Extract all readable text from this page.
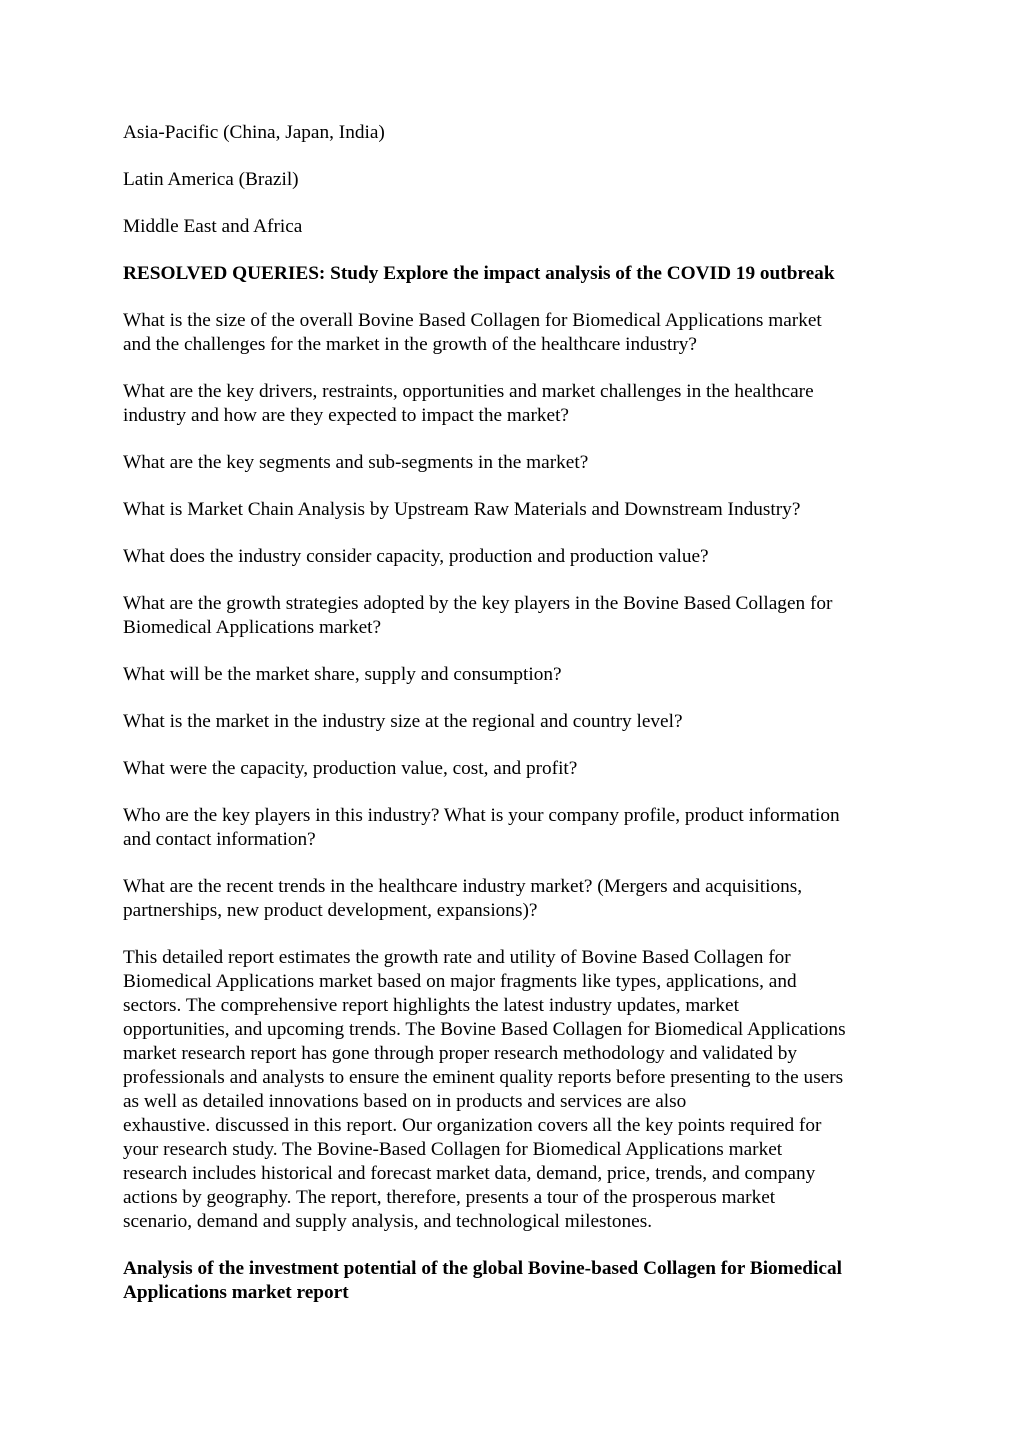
Asia-Pacific (China, Japan, India)

Latin America (Brazil)

Middle East and Africa

RESOLVED QUERIES: Study Explore the impact analysis of the COVID 19 outbreak

What is the size of the overall Bovine Based Collagen for Biomedical Applications market
and the challenges for the market in the growth of the healthcare industry?

What are the key drivers, restraints, opportunities and market challenges in the healthcare
industry and how are they expected to impact the market?

What are the key segments and sub-segments in the market?

What is Market Chain Analysis by Upstream Raw Materials and Downstream Industry?

What does the industry consider capacity, production and production value?

What are the growth strategies adopted by the key players in the Bovine Based Collagen for
Biomedical Applications market?

What will be the market share, supply and consumption?

What is the market in the industry size at the regional and country level?

What were the capacity, production value, cost, and profit?

Who are the key players in this industry? What is your company profile, product information
and contact information?

What are the recent trends in the healthcare industry market? (Mergers and acquisitions,
partnerships, new product development, expansions)?

This detailed report estimates the growth rate and utility of Bovine Based Collagen for
Biomedical Applications market based on major fragments like types, applications, and
sectors. The comprehensive report highlights the latest industry updates, market
opportunities, and upcoming trends. The Bovine Based Collagen for Biomedical Applications
market research report has gone through proper research methodology and validated by
professionals and analysts to ensure the eminent quality reports before presenting to the users
as well as detailed innovations based on in products and services are also
exhaustive. discussed in this report. Our organization covers all the key points required for
your research study. The Bovine-Based Collagen for Biomedical Applications market
research includes historical and forecast market data, demand, price, trends, and company
actions by geography. The report, therefore, presents a tour of the prosperous market
scenario, demand and supply analysis, and technological milestones.

Analysis of the investment potential of the global Bovine-based Collagen for Biomedical
Applications market report
